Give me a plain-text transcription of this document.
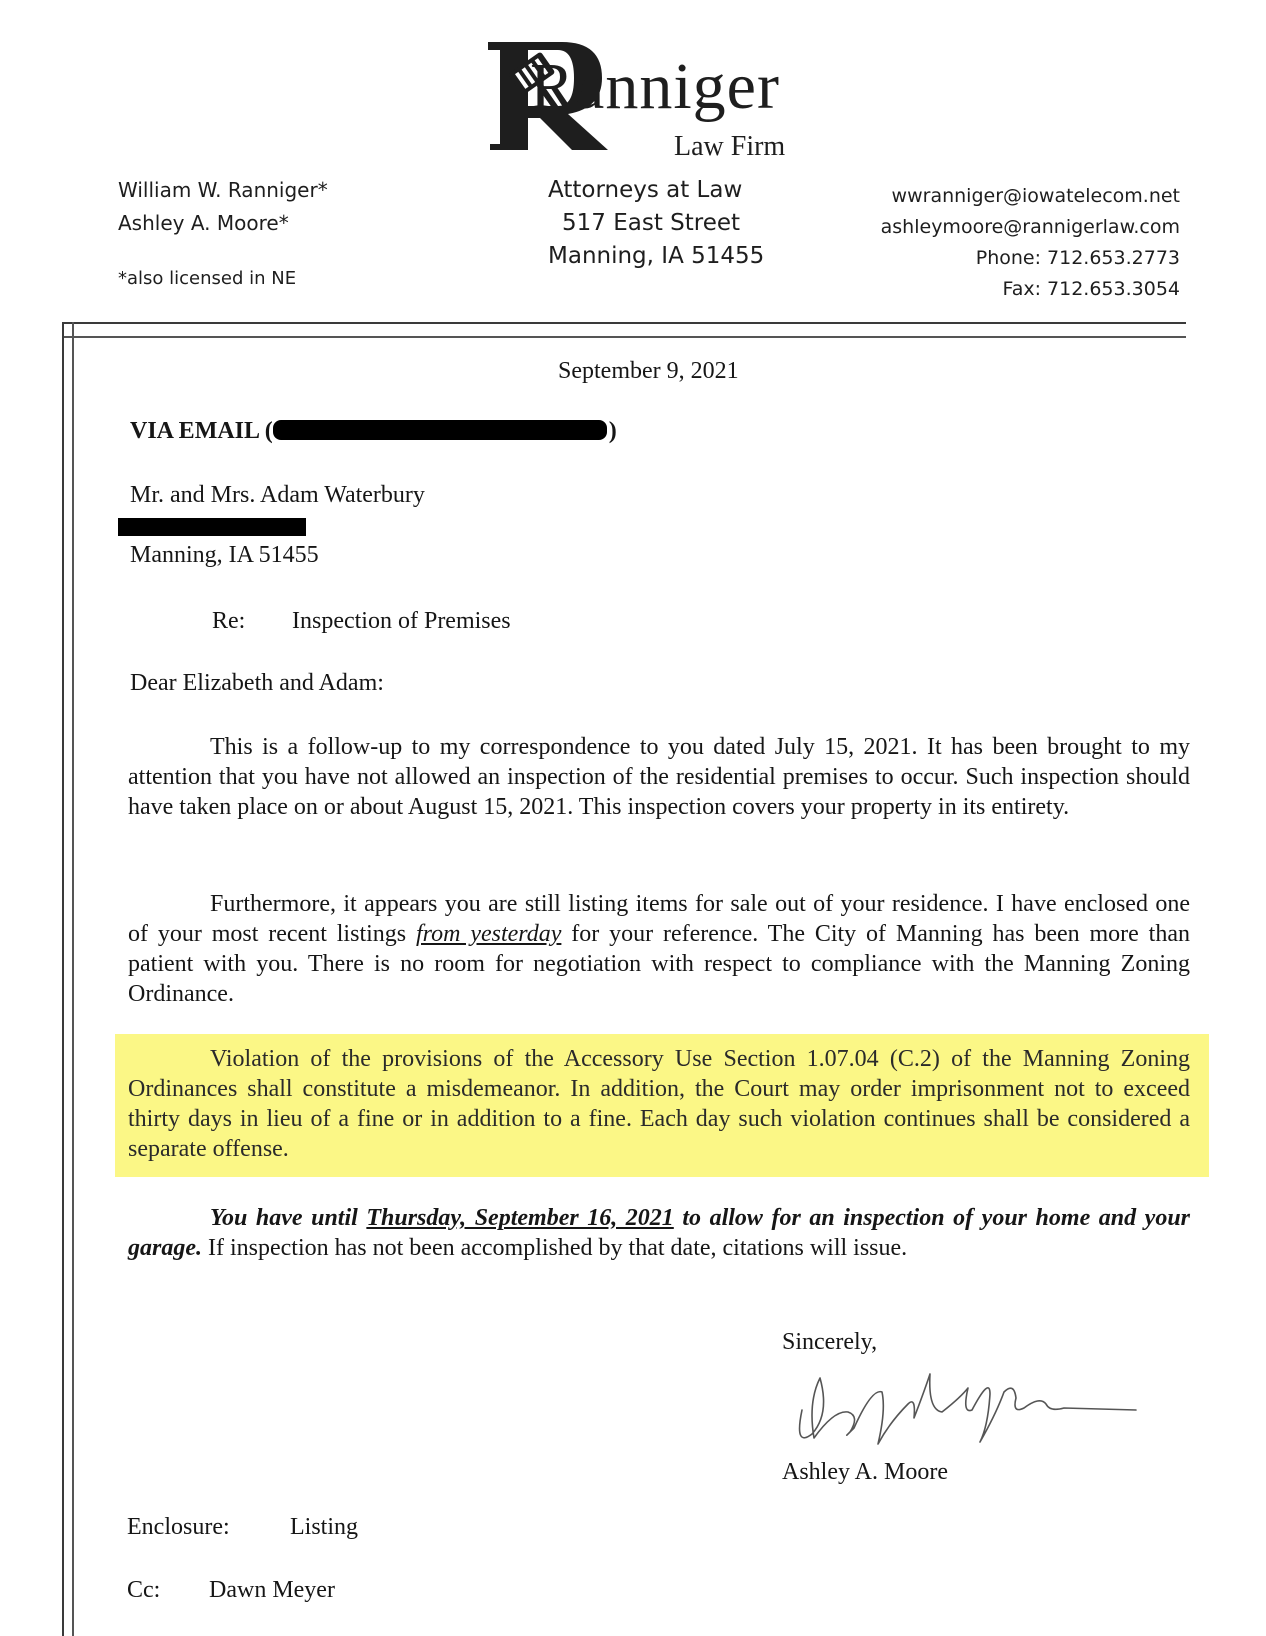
Ranniger
Law Firm
William W. Ranniger*
Ashley A. Moore*
*also licensed in NE
Attorneys at Law
517 East Street
Manning, IA 51455
wwranniger@iowatelecom.net
ashleymoore@rannigerlaw.com
Phone: 712.653.2773
Fax: 712.653.3054
September 9, 2021
VIA EMAIL (	)
Mr. and Mrs. Adam Waterbury
Manning, IA 51455
Re: Inspection of Premises
Dear Elizabeth and Adam:
This is a follow-up to my correspondence to you dated July 15, 2021. It has been brought to my attention that you have not allowed an inspection of the residential premises to occur. Such inspection should have taken place on or about August 15, 2021. This inspection covers your property in its entirety.
Furthermore, it appears you are still listing items for sale out of your residence. I have enclosed one of your most recent listings from yesterday for your reference. The City of Manning has been more than patient with you. There is no room for negotiation with respect to compliance with the Manning Zoning Ordinance.
Violation of the provisions of the Accessory Use Section 1.07.04 (C.2) of the Manning Zoning Ordinances shall constitute a misdemeanor. In addition, the Court may order imprisonment not to exceed thirty days in lieu of a fine or in addition to a fine. Each day such violation continues shall be considered a separate offense.
You have until Thursday, September 16, 2021 to allow for an inspection of your home and your garage. If inspection has not been accomplished by that date, citations will issue.
Sincerely,
Ashley A. Moore
Enclosure:	Listing
Cc: Dawn Meyer
